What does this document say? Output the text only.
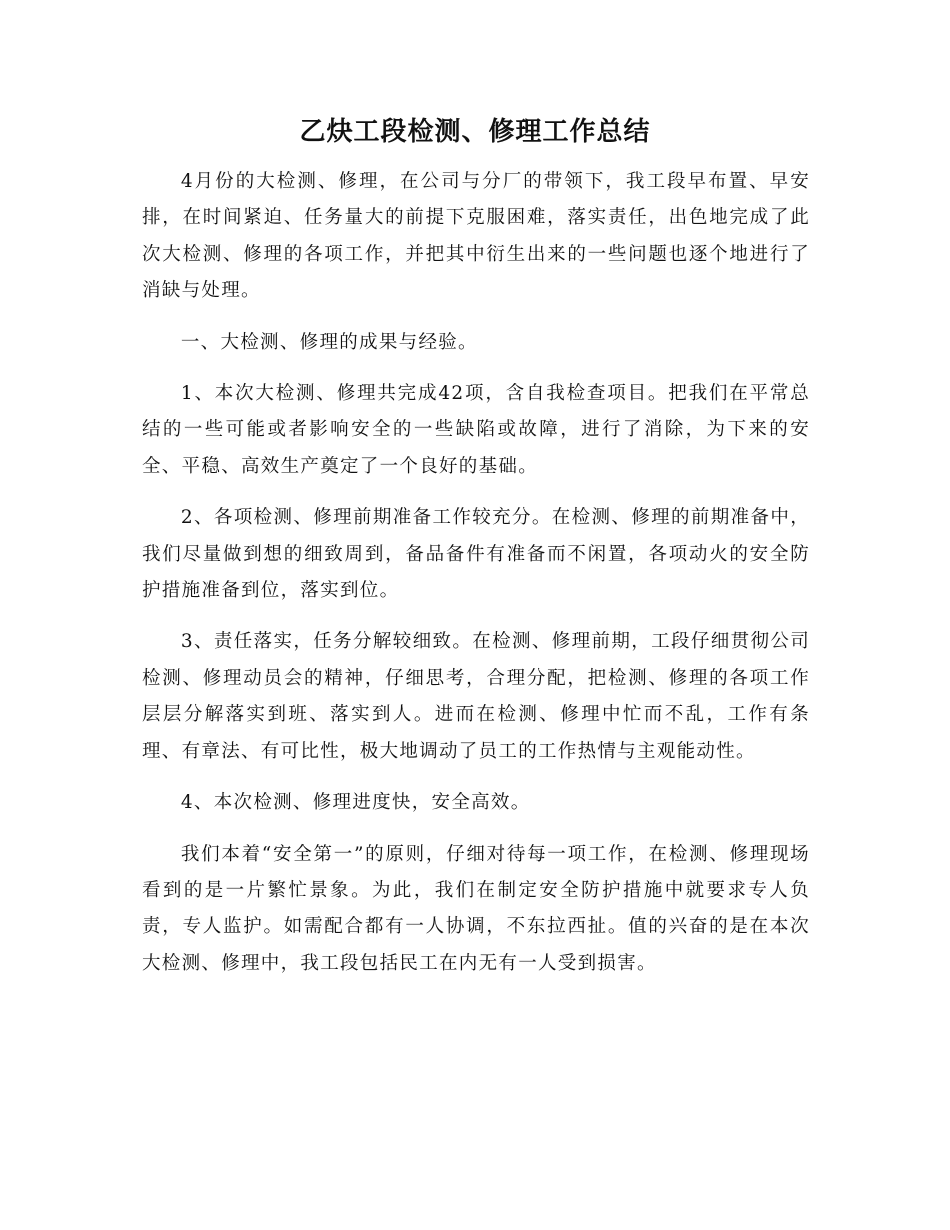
乙炔工段检测、修理工作总结

4月份的大检测、修理，在公司与分厂的带领下，我工段早布置、早安排，在时间紧迫、任务量大的前提下克服困难，落实责任，出色地完成了此次大检测、修理的各项工作，并把其中衍生出来的一些问题也逐个地进行了消缺与处理。

一、大检测、修理的成果与经验。

1、本次大检测、修理共完成42项，含自我检查项目。把我们在平常总结的一些可能或者影响安全的一些缺陷或故障，进行了消除，为下来的安全、平稳、高效生产奠定了一个良好的基础。

2、各项检测、修理前期准备工作较充分。在检测、修理的前期准备中，我们尽量做到想的细致周到，备品备件有准备而不闲置，各项动火的安全防护措施准备到位，落实到位。

3、责任落实，任务分解较细致。在检测、修理前期，工段仔细贯彻公司检测、修理动员会的精神，仔细思考，合理分配，把检测、修理的各项工作层层分解落实到班、落实到人。进而在检测、修理中忙而不乱，工作有条理、有章法、有可比性，极大地调动了员工的工作热情与主观能动性。

4、本次检测、修理进度快，安全高效。

我们本着“安全第一”的原则，仔细对待每一项工作，在检测、修理现场看到的是一片繁忙景象。为此，我们在制定安全防护措施中就要求专人负责，专人监护。如需配合都有一人协调，不东拉西扯。值的兴奋的是在本次大检测、修理中，我工段包括民工在内无有一人受到损害。
